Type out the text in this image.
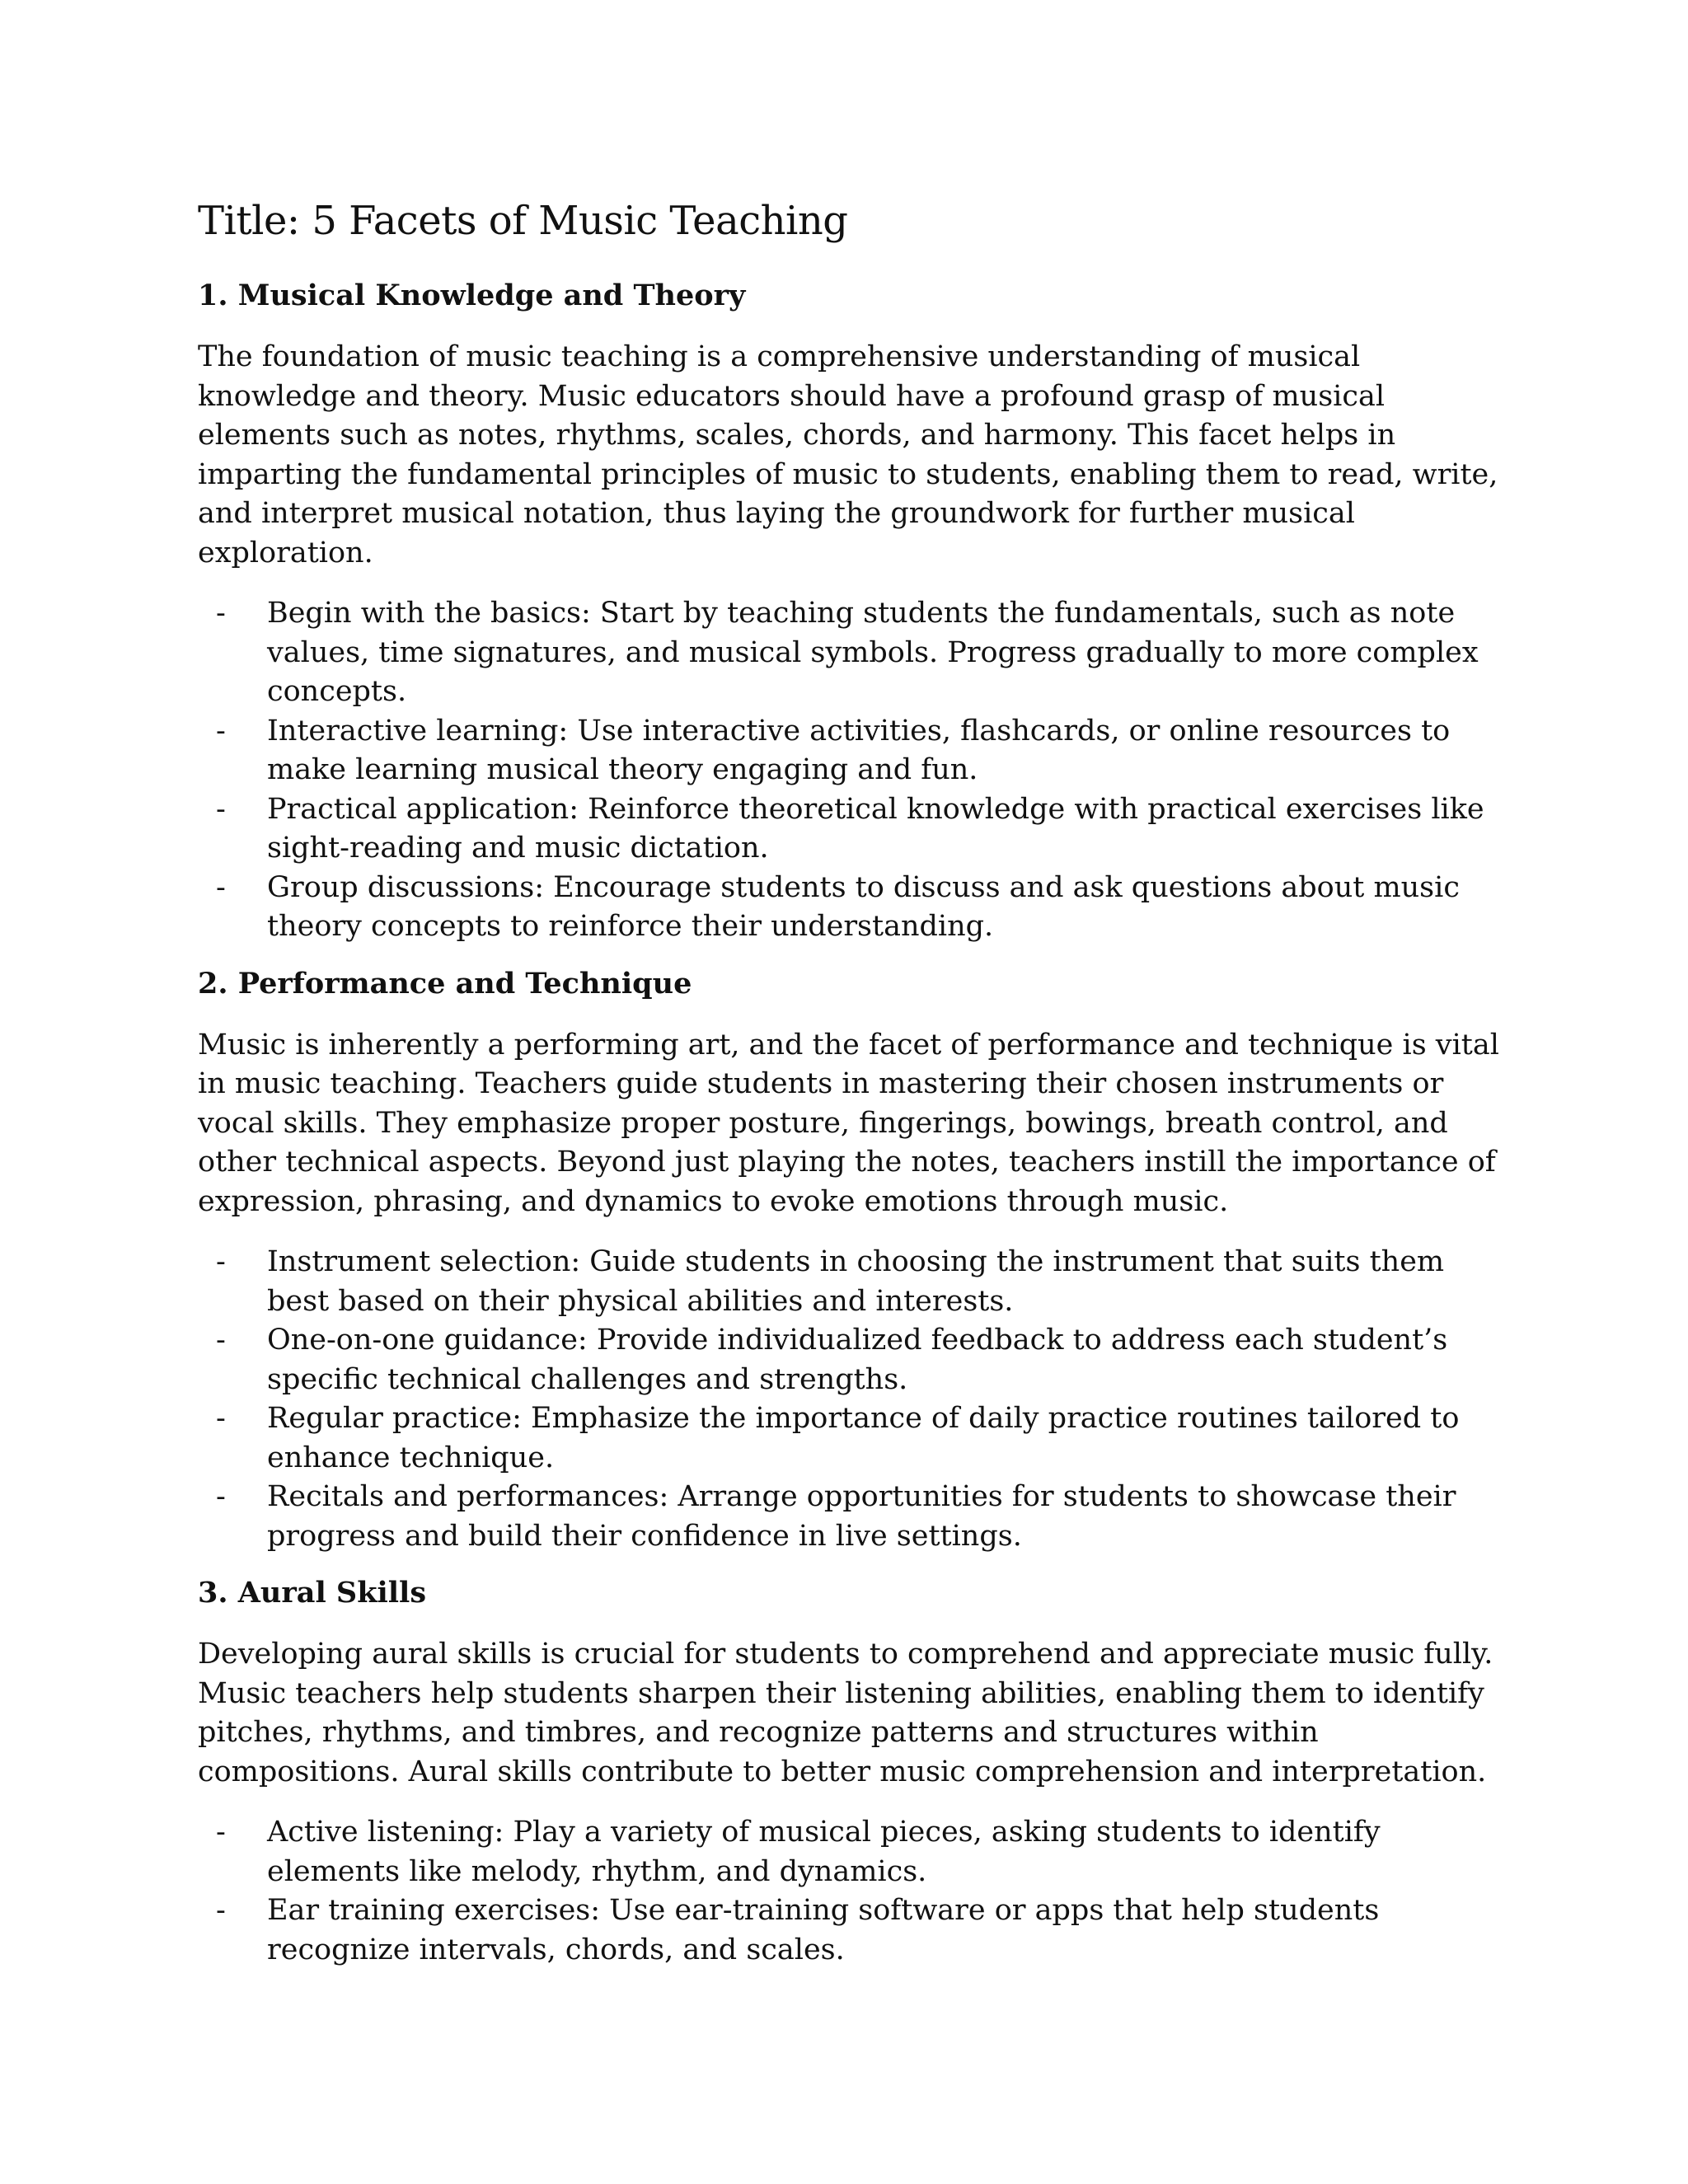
Title: 5 Facets of Music Teaching
1. Musical Knowledge and Theory

The foundation of music teaching is a comprehensive understanding of musical knowledge and theory. Music educators should have a profound grasp of musical elements such as notes, rhythms, scales, chords, and harmony. This facet helps in imparting the fundamental principles of music to students, enabling them to read, write, and interpret musical notation, thus laying the groundwork for further musical exploration.

- Begin with the basics: Start by teaching students the fundamentals, such as note values, time signatures, and musical symbols. Progress gradually to more complex concepts.
- Interactive learning: Use interactive activities, flashcards, or online resources to make learning musical theory engaging and fun.
- Practical application: Reinforce theoretical knowledge with practical exercises like sight-reading and music dictation.
- Group discussions: Encourage students to discuss and ask questions about music theory concepts to reinforce their understanding.
2. Performance and Technique

Music is inherently a performing art, and the facet of performance and technique is vital in music teaching. Teachers guide students in mastering their chosen instruments or vocal skills. They emphasize proper posture, fingerings, bowings, breath control, and other technical aspects. Beyond just playing the notes, teachers instill the importance of expression, phrasing, and dynamics to evoke emotions through music.

- Instrument selection: Guide students in choosing the instrument that suits them best based on their physical abilities and interests.
- One-on-one guidance: Provide individualized feedback to address each student’s specific technical challenges and strengths.
- Regular practice: Emphasize the importance of daily practice routines tailored to enhance technique.
- Recitals and performances: Arrange opportunities for students to showcase their progress and build their confidence in live settings.
3. Aural Skills

Developing aural skills is crucial for students to comprehend and appreciate music fully. Music teachers help students sharpen their listening abilities, enabling them to identify pitches, rhythms, and timbres, and recognize patterns and structures within compositions. Aural skills contribute to better music comprehension and interpretation.

- Active listening: Play a variety of musical pieces, asking students to identify elements like melody, rhythm, and dynamics.
- Ear training exercises: Use ear-training software or apps that help students recognize intervals, chords, and scales.
